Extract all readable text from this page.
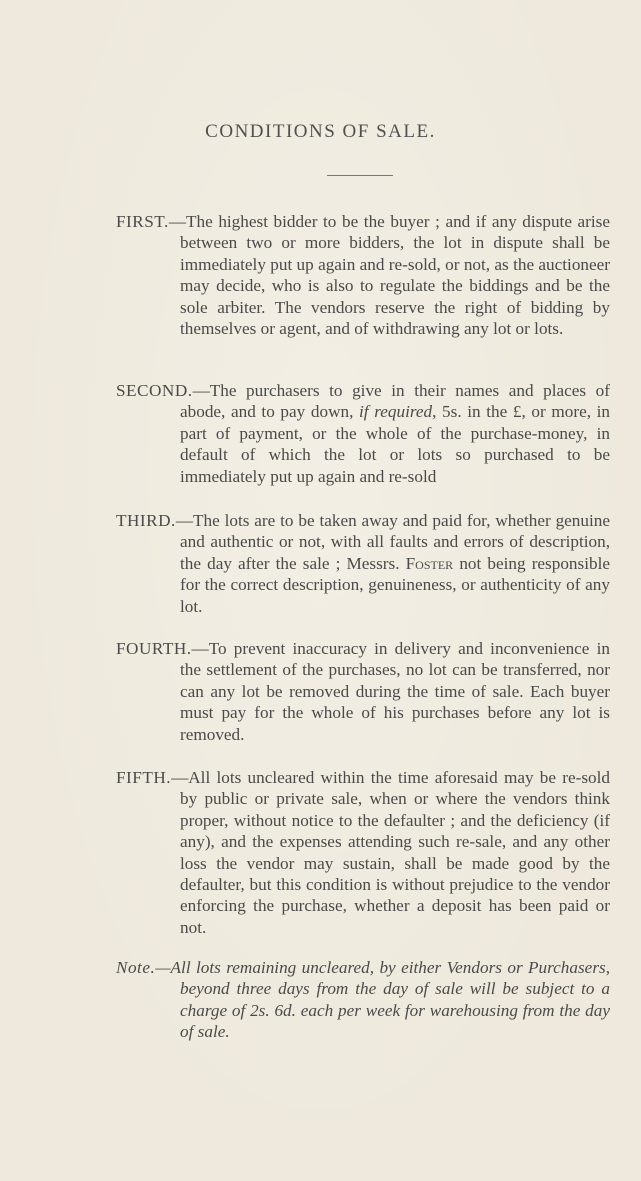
CONDITIONS OF SALE.
FIRST.—The highest bidder to be the buyer ; and if any dispute arise between two or more bidders, the lot in dispute shall be immediately put up again and re-sold, or not, as the auctioneer may decide, who is also to regulate the biddings and be the sole arbiter. The vendors reserve the right of bidding by themselves or agent, and of withdrawing any lot or lots.
SECOND.—The purchasers to give in their names and places of abode, and to pay down, if required, 5s. in the £, or more, in part of payment, or the whole of the purchase-money, in default of which the lot or lots so purchased to be immediately put up again and re-sold
THIRD.—The lots are to be taken away and paid for, whether genuine and authentic or not, with all faults and errors of description, the day after the sale ; Messrs. Foster not being responsible for the correct description, genuineness, or authenticity of any lot.
FOURTH.—To prevent inaccuracy in delivery and inconvenience in the settlement of the purchases, no lot can be transferred, nor can any lot be removed during the time of sale. Each buyer must pay for the whole of his purchases before any lot is removed.
FIFTH.—All lots uncleared within the time aforesaid may be re-sold by public or private sale, when or where the vendors think proper, without notice to the defaulter ; and the deficiency (if any), and the expenses attending such re-sale, and any other loss the vendor may sustain, shall be made good by the defaulter, but this condition is without prejudice to the vendor enforcing the purchase, whether a deposit has been paid or not.
Note.—All lots remaining uncleared, by either Vendors or Purchasers, beyond three days from the day of sale will be subject to a charge of 2s. 6d. each per week for warehousing from the day of sale.
